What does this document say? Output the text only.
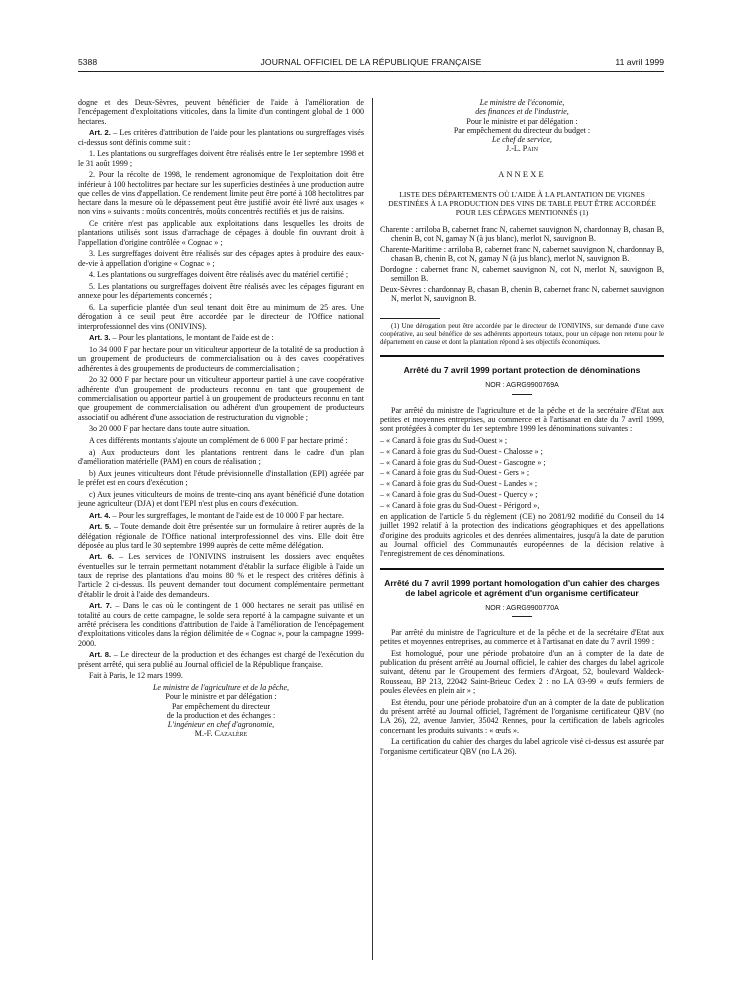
5388	JOURNAL OFFICIEL DE LA RÉPUBLIQUE FRANÇAISE	11 avril 1999

dogne et des Deux-Sèvres, peuvent bénéficier de l'aide à l'amélioration de l'encépagement d'exploitations viticoles, dans la limite d'un contingent global de 1 000 hectares.

Art. 2. – Les critères d'attribution de l'aide pour les plantations ou surgreffages visés ci-dessus sont définis comme suit :

1. Les plantations ou surgreffages doivent être réalisés entre le 1er septembre 1998 et le 31 août 1999 ;

2. Pour la récolte de 1998, le rendement agronomique de l'exploitation doit être inférieur à 100 hectolitres par hectare sur les superficies destinées à une production autre que celles de vins d'appellation. Ce rendement limite peut être porté à 108 hectolitres par hectare dans la mesure où le dépassement peut être justifié avoir été livré aux usages « non vins » suivants : moûts concentrés, moûts concentrés rectifiés et jus de raisins.

Ce critère n'est pas applicable aux exploitations dans lesquelles les droits de plantations utilisés sont issus d'arrachage de cépages à double fin ouvrant droit à l'appellation d'origine contrôlée « Cognac » ;

3. Les surgreffages doivent être réalisés sur des cépages aptes à produire des eaux-de-vie à appellation d'origine « Cognac » ;

4. Les plantations ou surgreffages doivent être réalisés avec du matériel certifié ;

5. Les plantations ou surgreffages doivent être réalisés avec les cépages figurant en annexe pour les départements concernés ;

6. La superficie plantée d'un seul tenant doit être au minimum de 25 ares. Une dérogation à ce seuil peut être accordée par le directeur de l'Office national interprofessionnel des vins (ONIVINS).

Art. 3. – Pour les plantations, le montant de l'aide est de :

1o 34 000 F par hectare pour un viticulteur apporteur de la totalité de sa production à un groupement de producteurs de commercialisation ou à des caves coopératives adhérentes à des groupements de producteurs de commercialisation ;

2o 32 000 F par hectare pour un viticulteur apporteur partiel à une cave coopérative adhérente d'un groupement de producteurs reconnu en tant que groupement de commercialisation ou apporteur partiel à un groupement de producteurs reconnu en tant que groupement de commercialisation ou adhérent d'un groupement de producteurs associatif ou adhérent d'une association de restructuration du vignoble ;

3o 20 000 F par hectare dans toute autre situation.

A ces différents montants s'ajoute un complément de 6 000 F par hectare primé :

a) Aux producteurs dont les plantations rentrent dans le cadre d'un plan d'amélioration matérielle (PAM) en cours de réalisation ;

b) Aux jeunes viticulteurs dont l'étude prévisionnelle d'installation (EPI) agréée par le préfet est en cours d'exécution ;

c) Aux jeunes viticulteurs de moins de trente-cinq ans ayant bénéficié d'une dotation jeune agriculteur (DJA) et dont l'EPI n'est plus en cours d'exécution.

Art. 4. – Pour les surgreffages, le montant de l'aide est de 10 000 F par hectare.

Art. 5. – Toute demande doit être présentée sur un formulaire à retirer auprès de la délégation régionale de l'Office national interprofessionnel des vins. Elle doit être déposée au plus tard le 30 septembre 1999 auprès de cette même délégation.

Art. 6. – Les services de l'ONIVINS instruisent les dossiers avec enquêtes éventuelles sur le terrain permettant notamment d'établir la surface éligible à l'aide un taux de reprise des plantations d'au moins 80 % et le respect des critères définis à l'article 2 ci-dessus. Ils peuvent demander tout document complémentaire permettant d'établir le droit à l'aide des demandeurs.

Art. 7. – Dans le cas où le contingent de 1 000 hectares ne serait pas utilisé en totalité au cours de cette campagne, le solde sera reporté à la campagne suivante et un arrêté précisera les conditions d'attribution de l'aide à l'amélioration de l'encépagement d'exploitations viticoles dans la région délimitée de « Cognac », pour la campagne 1999-2000.

Art. 8. – Le directeur de la production et des échanges est chargé de l'exécution du présent arrêté, qui sera publié au Journal officiel de la République française.

Fait à Paris, le 12 mars 1999.

Le ministre de l'agriculture et de la pêche,
Pour le ministre et par délégation :
Par empêchement du directeur
de la production et des échanges :
L'ingénieur en chef d'agronomie,
M.-F. Cazalère
Le ministre de l'économie,
des finances et de l'industrie,
Pour le ministre et par délégation :
Par empêchement du directeur du budget :
Le chef de service,
J.-L. Pain
ANNEXE
LISTE DES DÉPARTEMENTS OÙ L'AIDE À LA PLANTATION DE VIGNES DESTINÉES À LA PRODUCTION DES VINS DE TABLE PEUT ÊTRE ACCORDÉE POUR LES CÉPAGES MENTIONNÉS (1)

Charente : arriloba B, cabernet franc N, cabernet sauvignon N, chardonnay B, chasan B, chenin B, cot N, gamay N (à jus blanc), merlot N, sauvignon B.

Charente-Maritime : arriloba B, cabernet franc N, cabernet sauvignon N, chardonnay B, chasan B, chenin B, cot N, gamay N (à jus blanc), merlot N, sauvignon B.

Dordogne : cabernet franc N, cabernet sauvignon N, cot N, merlot N, sauvignon B, semillon B.

Deux-Sèvres : chardonnay B, chasan B, chenin B, cabernet franc N, cabernet sauvignon N, merlot N, sauvignon B.

(1) Une dérogation peut être accordée par le directeur de l'ONIVINS, sur demande d'une cave coopérative, au seul bénéfice de ses adhérents apporteurs totaux, pour un cépage non retenu pour le département en cause et dont la plantation répond à ses objectifs économiques.

Arrêté du 7 avril 1999 portant protection de dénominations
NOR : AGRG9900769A

Par arrêté du ministre de l'agriculture et de la pêche et de la secrétaire d'Etat aux petites et moyennes entreprises, au commerce et à l'artisanat en date du 7 avril 1999, sont protégées à compter du 1er septembre 1999 les dénominations suivantes :

– « Canard à foie gras du Sud-Ouest » ;

– « Canard à foie gras du Sud-Ouest - Chalosse » ;

– « Canard à foie gras du Sud-Ouest - Gascogne » ;

– « Canard à foie gras du Sud-Ouest - Gers » ;

– « Canard à foie gras du Sud-Ouest - Landes » ;

– « Canard à foie gras du Sud-Ouest - Quercy » ;

– « Canard à foie gras du Sud-Ouest - Périgord »,

en application de l'article 5 du règlement (CE) no 2081/92 modifié du Conseil du 14 juillet 1992 relatif à la protection des indications géographiques et des appellations d'origine des produits agricoles et des denrées alimentaires, jusqu'à la date de parution au Journal officiel des Communautés européennes de la décision relative à l'enregistrement de ces dénominations.

Arrêté du 7 avril 1999 portant homologation d'un cahier des charges de label agricole et agrément d'un organisme certificateur
NOR : AGRG9900770A

Par arrêté du ministre de l'agriculture et de la pêche et de la secrétaire d'Etat aux petites et moyennes entreprises, au commerce et à l'artisanat en date du 7 avril 1999 :

Est homologué, pour une période probatoire d'un an à compter de la date de publication du présent arrêté au Journal officiel, le cahier des charges du label agricole suivant, détenu par le Groupement des fermiers d'Argoat, 52, boulevard Waldeck-Rousseau, BP 213, 22042 Saint-Brieuc Cedex 2 : no LA 03-99 « œufs fermiers de poules élevées en plein air » ;

Est étendu, pour une période probatoire d'un an à compter de la date de publication du présent arrêté au Journal officiel, l'agrément de l'organisme certificateur QBV (no LA 26), 22, avenue Janvier, 35042 Rennes, pour la certification de labels agricoles concernant les produits suivants : « œufs ».

La certification du cahier des charges du label agricole visé ci-dessus est assurée par l'organisme certificateur QBV (no LA 26).
